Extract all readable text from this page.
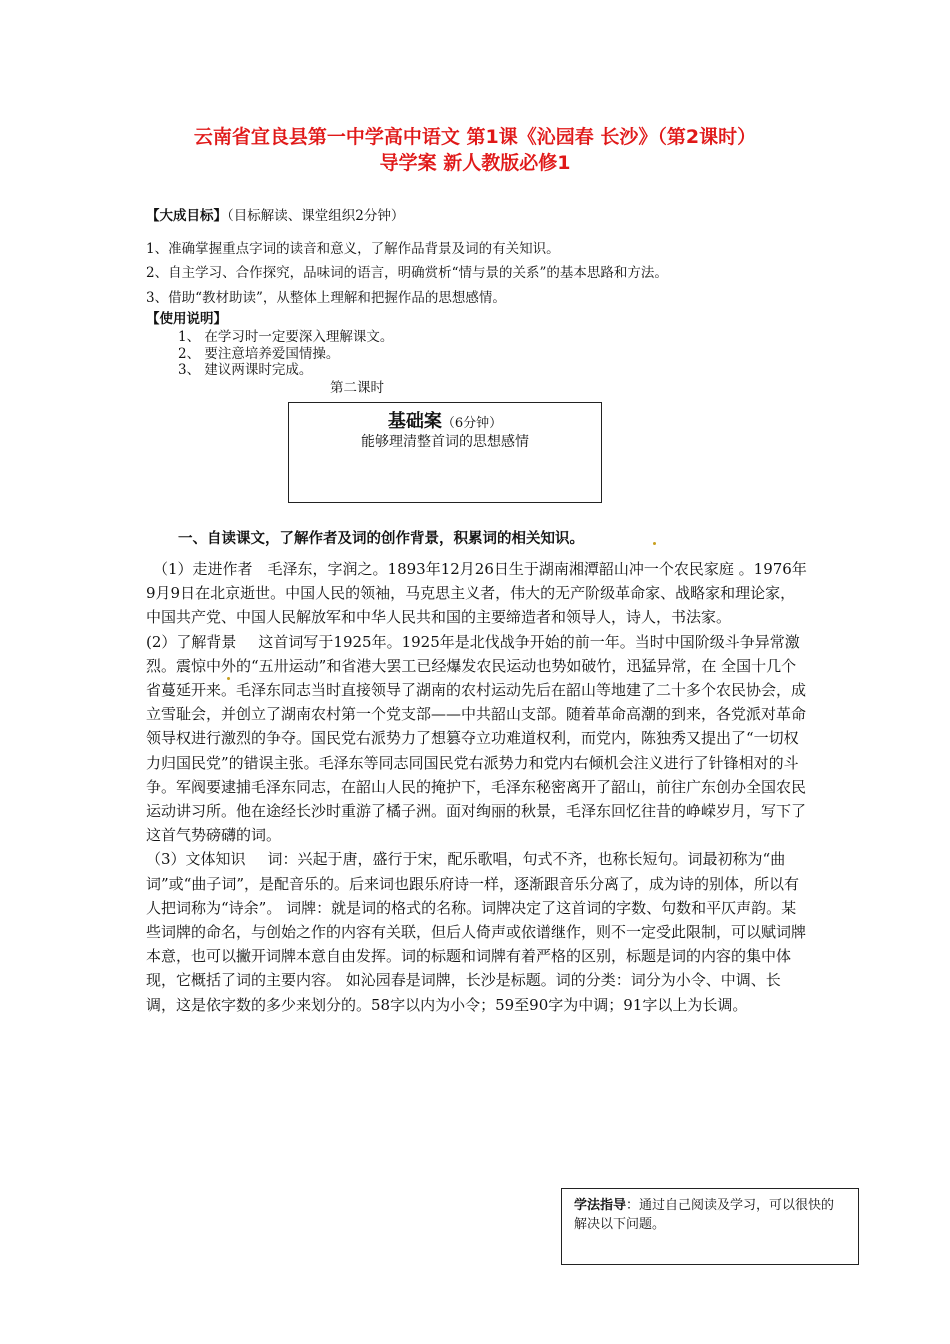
云南省宜良县第一中学高中语文 第1课《沁园春 长沙》（第2课时）
导学案 新人教版必修1
【大成目标】（目标解读、课堂组织2分钟）
1、准确掌握重点字词的读音和意义，了解作品背景及词的有关知识。
2、自主学习、合作探究，品味词的语言，明确赏析“情与景的关系”的基本思路和方法。
3、借助“教材助读”，从整体上理解和把握作品的思想感情。
【使用说明】
1、 在学习时一定要深入理解课文。
2、 要注意培养爱国情操。
3、 建议两课时完成。
第二课时
基础案（6分钟）
能够理清整首词的思想感情
一、自读课文，了解作者及词的创作背景，积累词的相关知识。
（1）走进作者 毛泽东，字润之。1893年12月26日生于湖南湘潭韶山冲一个农民家庭 。1976年9月9日在北京逝世。中国人民的领袖，马克思主义者，伟大的无产阶级革命家、战略家和理论家，中国共产党、中国人民解放军和中华人民共和国的主要缔造者和领导人，诗人，书法家。
(2）了解背景 这首词写于1925年。1925年是北伐战争开始的前一年。当时中国阶级斗争异常激烈。震惊中外的“五卅运动”和省港大罢工已经爆发农民运动也势如破竹，迅猛异常，在 全国十几个省蔓延开来。毛泽东同志当时直接领导了湖南的农村运动先后在韶山等地建了二十多个农民协会，成立雪耻会，并创立了湖南农村第一个党支部——中共韶山支部。随着革命高潮的到来，各党派对革命领导权进行激烈的争夺。国民党右派势力了想篡夺立功难道权利，而党内，陈独秀又提出了“一切权力归国民党”的错误主张。毛泽东等同志同国民党右派势力和党内右倾机会注义进行了针锋相对的斗争。军阀要逮捕毛泽东同志，在韶山人民的掩护下，毛泽东秘密离开了韶山，前往广东创办全国农民运动讲习所。他在途经长沙时重游了橘子洲。面对绚丽的秋景，毛泽东回忆往昔的峥嵘岁月，写下了这首气势磅礴的词。
（3）文体知识 词：兴起于唐，盛行于宋，配乐歌唱，句式不齐，也称长短句。词最初称为“曲词”或“曲子词”，是配音乐的。后来词也跟乐府诗一样，逐渐跟音乐分离了，成为诗的别体，所以有人把词称为“诗余”。 词牌：就是词的格式的名称。词牌决定了这首词的字数、句数和平仄声韵。某些词牌的命名，与创始之作的内容有关联，但后人倚声或依谱继作，则不一定受此限制，可以赋词牌本意，也可以撇开词牌本意自由发挥。词的标题和词牌有着严格的区别，标题是词的内容的集中体现，它概括了词的主要内容。 如沁园春是词牌，长沙是标题。词的分类：词分为小令、中调、长调，这是依字数的多少来划分的。58字以内为小令；59至90字为中调；91字以上为长调。
学法指导：通过自己阅读及学习，可以很快的解决以下问题。
